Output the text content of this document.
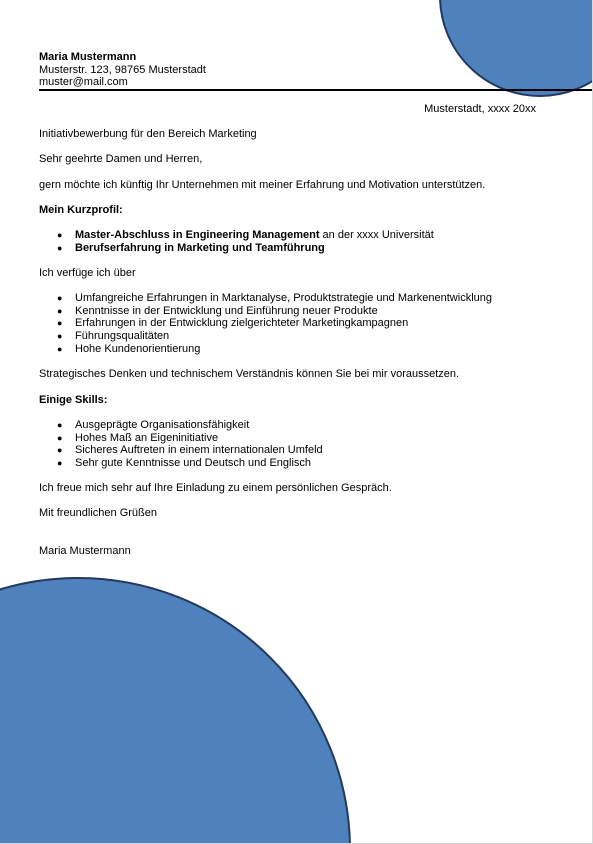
Maria Mustermann
Musterstr. 123, 98765 Musterstadt
muster@mail.com
Musterstadt, xxxx 20xx
Initiativbewerbung für den Bereich Marketing
Sehr geehrte Damen und Herren,
gern möchte ich künftig Ihr Unternehmen mit meiner Erfahrung und Motivation unterstützen.
Mein Kurzprofil:
● Master-Abschluss in Engineering Management an der xxxx Universität
● Berufserfahrung in Marketing und Teamführung
Ich verfüge ich über
● Umfangreiche Erfahrungen in Marktanalyse, Produktstrategie und Markenentwicklung
● Kenntnisse in der Entwicklung und Einführung neuer Produkte
● Erfahrungen in der Entwicklung zielgerichteter Marketingkampagnen
● Führungsqualitäten
● Hohe Kundenorientierung
Strategisches Denken und technischem Verständnis können Sie bei mir voraussetzen.
Einige Skills:
● Ausgeprägte Organisationsfähigkeit
● Hohes Maß an Eigeninitiative
● Sicheres Auftreten in einem internationalen Umfeld
● Sehr gute Kenntnisse und Deutsch und Englisch
Ich freue mich sehr auf Ihre Einladung zu einem persönlichen Gespräch.
Mit freundlichen Grüßen
Maria Mustermann
